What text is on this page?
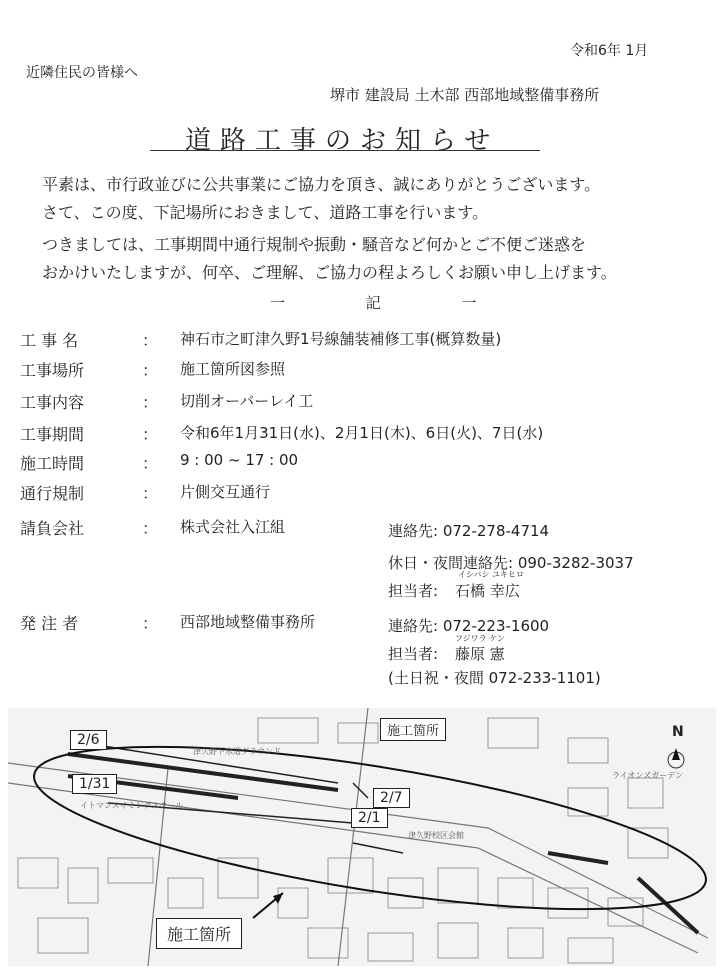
令和6年 1月
近隣住民の皆様へ
堺市 建設局 土木部 西部地域整備事務所
道路工事のお知らせ
平素は、市行政並びに公共事業にご協力を頂き、誠にありがとうございます。
さて、この度、下記場所におきまして、道路工事を行います。
つきましては、工事期間中通行規制や振動・騒音など何かとご不便ご迷惑を
おかけいたしますが、何卒、ご理解、ご協力の程よろしくお願い申し上げます。
一 記 一
工 事 名	： 神石市之町津久野1号線舗装補修工事(概算数量)
工事場所	： 施工箇所図参照
工事内容	： 切削オーバーレイ工
工事期間	： 令和6年1月31日(水)、2月1日(木)、6日(火)、7日(水)
施工時間	： 9 : 00 ~ 17 : 00
通行規制	： 片側交互通行
請負会社	： 株式会社入江組	連絡先: 072-278-4714
休日・夜間連絡先: 090-3282-3037
担当者:
イシバシ ユキヒロ
石橋 幸広
発 注 者	： 西部地域整備事務所	連絡先: 072-223-1600
担当者:
フジワラ ケン
藤原 憲
(土日祝・夜間 072-233-1101)
施工箇所
2/6
1/31
2/7
2/1
施工箇所
N
津久野下水道グラウンド
イトマンスイミングスクール
津久野校区会館
ライオンズガーデン
